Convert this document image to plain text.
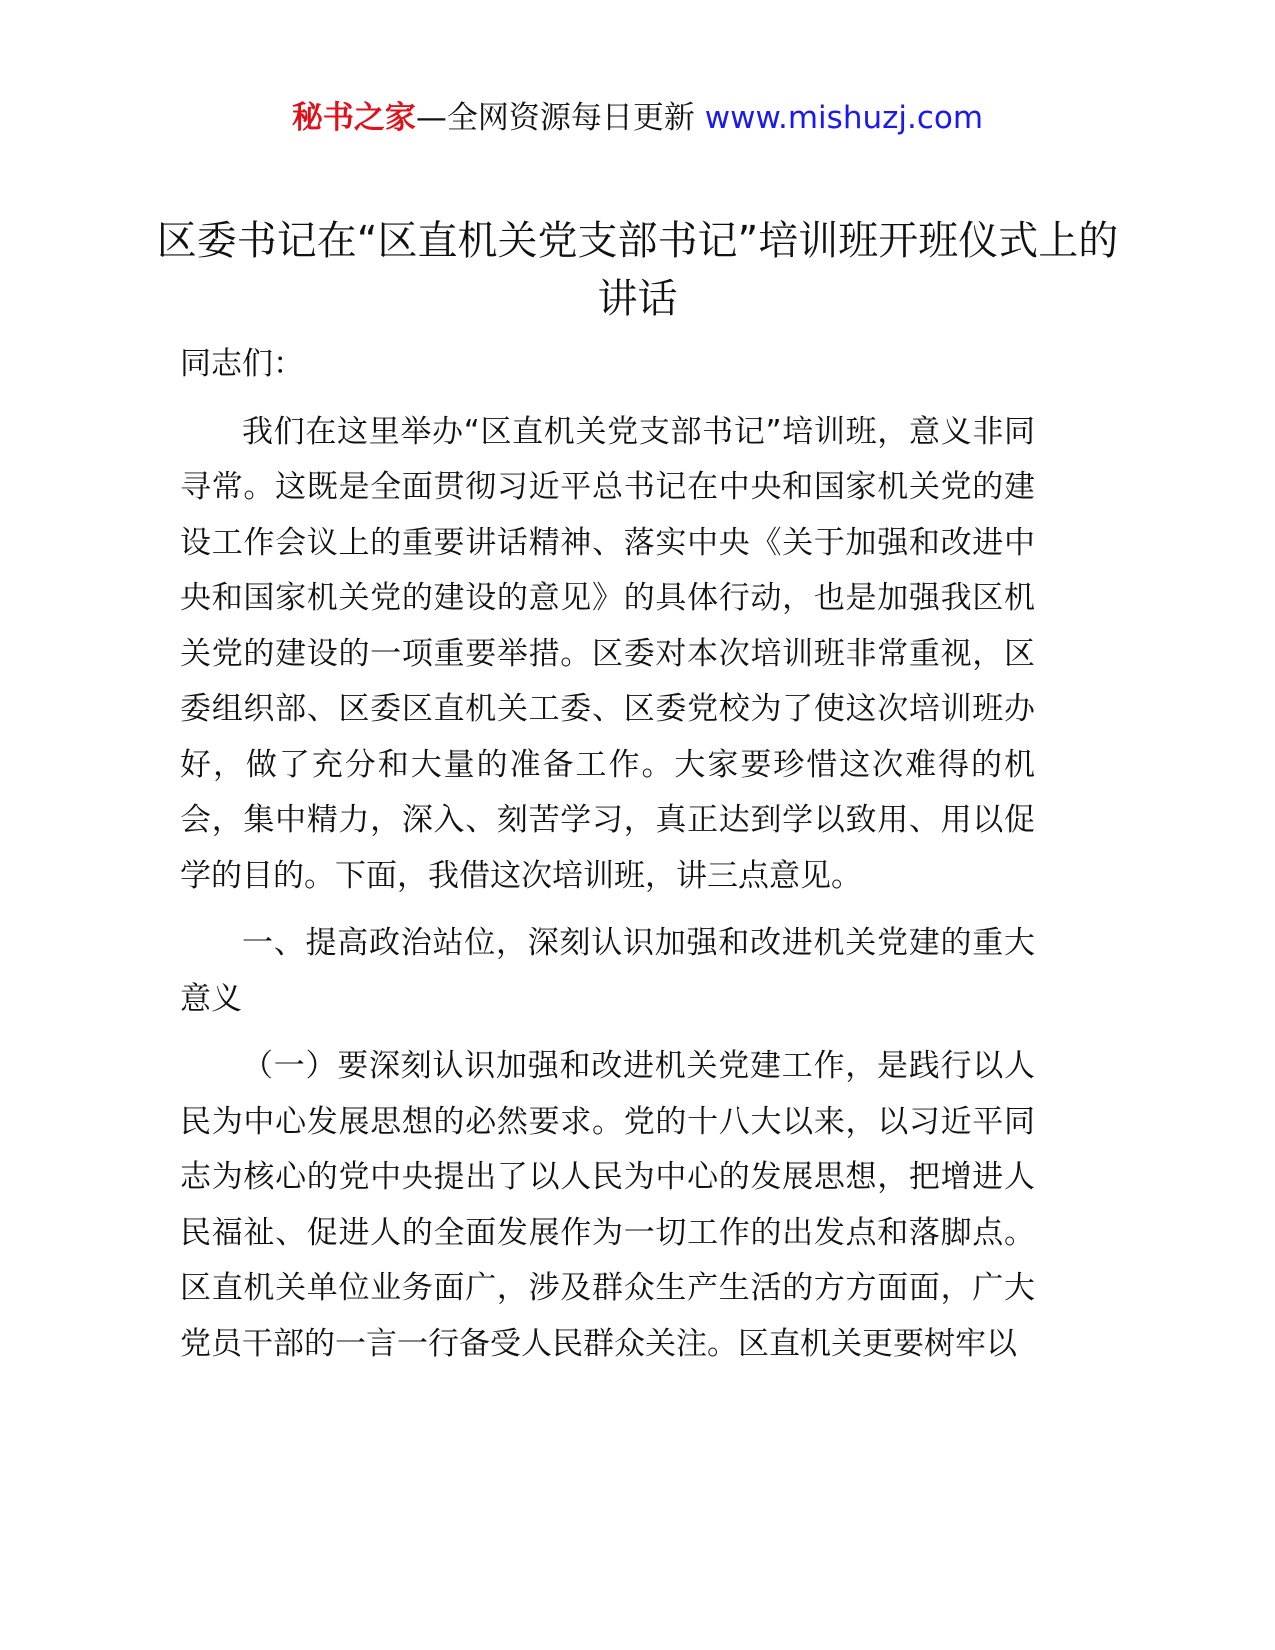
秘书之家—全网资源每日更新 www.mishuzj.com
区委书记在“区直机关党支部书记”培训班开班仪式上的讲话

同志们：

我们在这里举办“区直机关党支部书记”培训班，意义非同寻常。这既是全面贯彻习近平总书记在中央和国家机关党的建设工作会议上的重要讲话精神、落实中央《关于加强和改进中央和国家机关党的建设的意见》的具体行动，也是加强我区机关党的建设的一项重要举措。区委对本次培训班非常重视，区委组织部、区委区直机关工委、区委党校为了使这次培训班办好，做了充分和大量的准备工作。大家要珍惜这次难得的机会，集中精力，深入、刻苦学习，真正达到学以致用、用以促学的目的。下面，我借这次培训班，讲三点意见。

一、提高政治站位，深刻认识加强和改进机关党建的重大意义

（一）要深刻认识加强和改进机关党建工作，是践行以人民为中心发展思想的必然要求。党的十八大以来，以习近平同志为核心的党中央提出了以人民为中心的发展思想，把增进人民福祉、促进人的全面发展作为一切工作的出发点和落脚点。区直机关单位业务面广，涉及群众生产生活的方方面面，广大党员干部的一言一行备受人民群众关注。区直机关更要树牢以
